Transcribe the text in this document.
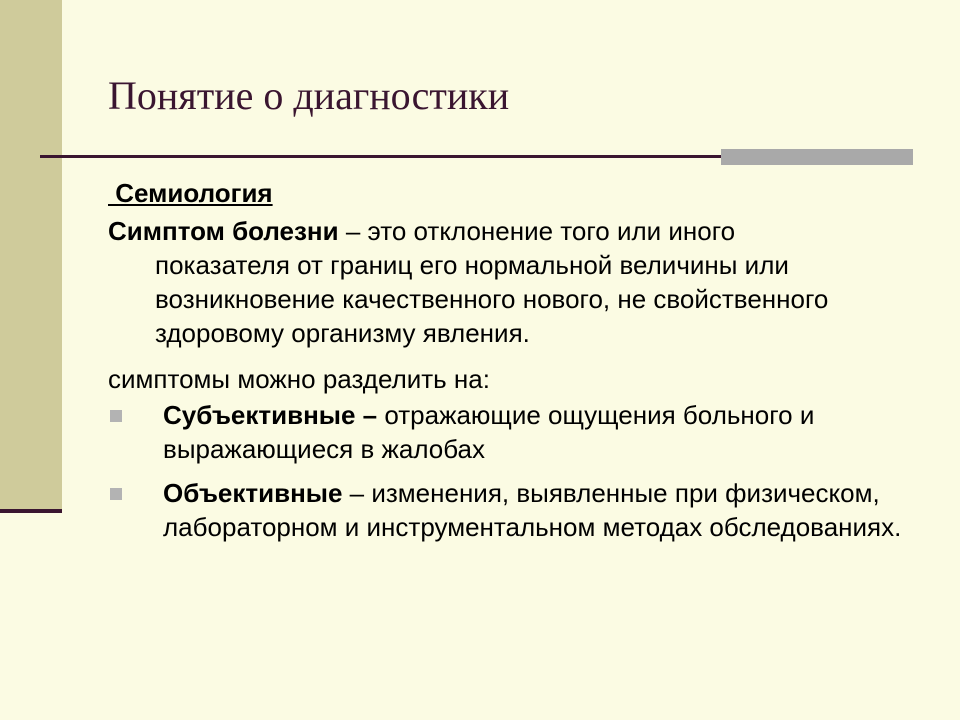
Понятие о диагностики
Семиология
Симптом болезни – это отклонение того или иного
показателя от границ его нормальной величины или возникновение качественного нового, не свойственного здоровому организму явления.
симптомы можно разделить на:
Субъективные – отражающие ощущения больного и выражающиеся в жалобах
Объективные – изменения, выявленные при физическом, лабораторном и инструментальном методах обследованиях.
